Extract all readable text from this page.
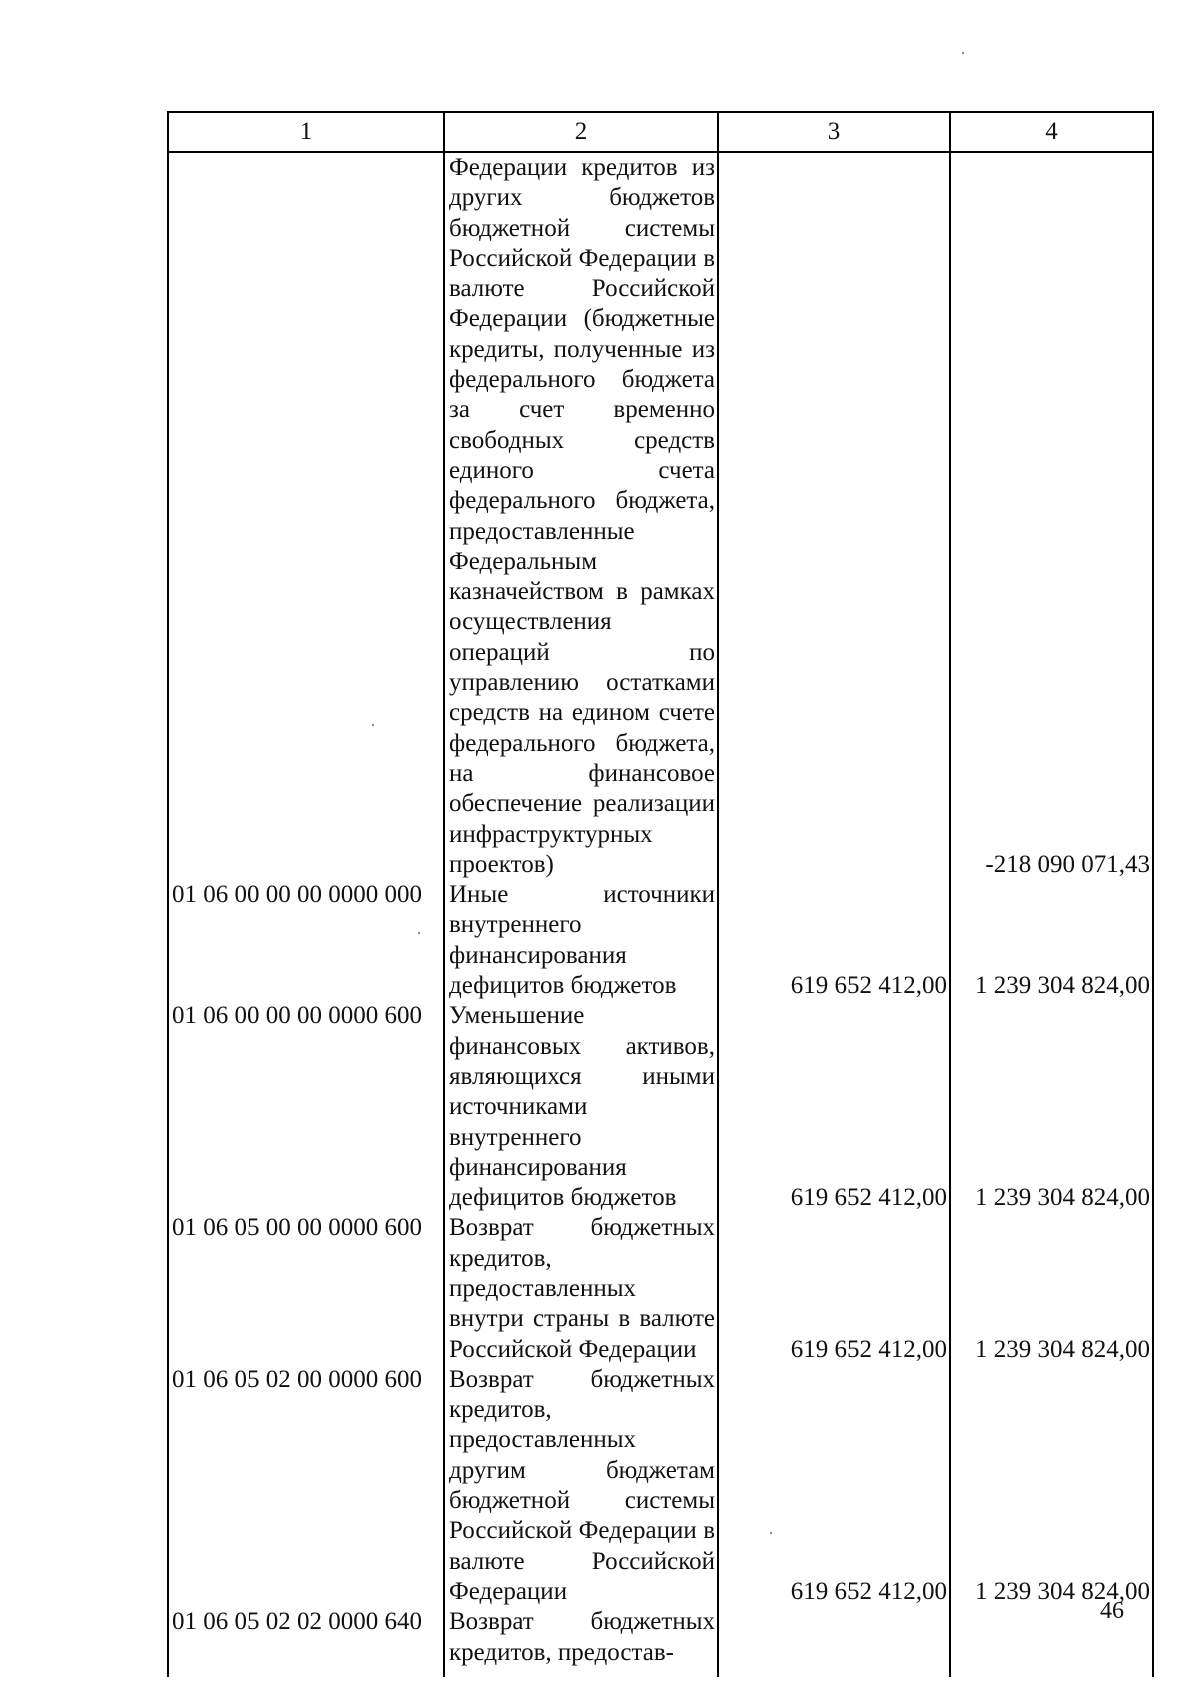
1	2	3	4
	Федерации кредитов из других бюджетов бюджетной системы Российской Федерации в валюте Российской Федерации (бюджетные кредиты, полученные из федерального бюджета за счет временно свободных средств единого счета федерального бюджета, предоставленные Федеральным казначейством в рамках осуществления операций по управлению остатками средств на едином счете федерального бюджета, на финансовое обеспечение реализации инфраструктурных проектов)		-218 090 071,43
01 06 00 00 00 0000 000	Иные источники внутреннего финансирования дефицитов бюджетов	619 652 412,00	1 239 304 824,00
01 06 00 00 00 0000 600	Уменьшение финансовых активов, являющихся иными источниками внутреннего финансирования дефицитов бюджетов	619 652 412,00	1 239 304 824,00
01 06 05 00 00 0000 600	Возврат бюджетных кредитов, предоставленных внутри страны в валюте Российской Федерации	619 652 412,00	1 239 304 824,00
01 06 05 02 00 0000 600	Возврат бюджетных кредитов, предоставленных другим бюджетам бюджетной системы Российской Федерации в валюте Российской Федерации	619 652 412,00	1 239 304 824,00
01 06 05 02 02 0000 640	Возврат бюджетных кредитов, предостав-		
46
